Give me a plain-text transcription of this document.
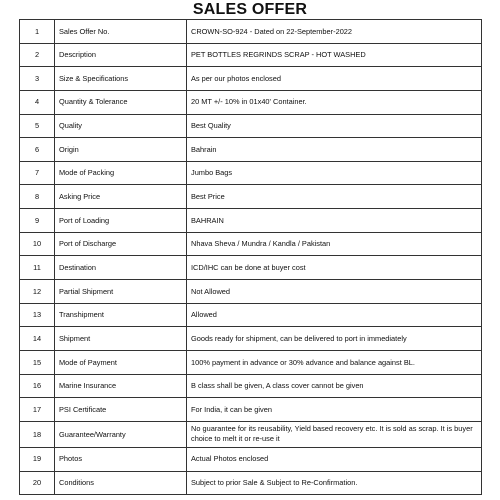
SALES OFFER
1	Sales Offer No.	CROWN-SO-924 - Dated on 22-September-2022
2	Description	PET BOTTLES REGRINDS SCRAP - HOT WASHED
3	Size & Specifications	As per our photos enclosed
4	Quantity & Tolerance	20 MT +/- 10% in 01x40' Container.
5	Quality	Best Quality
6	Origin	Bahrain
7	Mode of Packing	Jumbo Bags
8	Asking Price	Best Price
9	Port of Loading	BAHRAIN
10	Port of Discharge	Nhava Sheva / Mundra / Kandla / Pakistan
11	Destination	ICD/IHC can be done at buyer cost
12	Partial Shipment	Not Allowed
13	Transhipment	Allowed
14	Shipment	Goods ready for shipment, can be delivered to port in immediately
15	Mode of Payment	100% payment in advance or 30% advance and balance against BL.
16	Marine Insurance	B class shall be given, A class cover cannot be given
17	PSI Certificate	For India, it can be given
18	Guarantee/Warranty	No guarantee for its reusability, Yield based recovery etc. It is sold as scrap. It is buyer choice to melt it or re-use it
19	Photos	Actual Photos enclosed
20	Conditions	Subject to prior Sale & Subject to Re-Confirmation.
